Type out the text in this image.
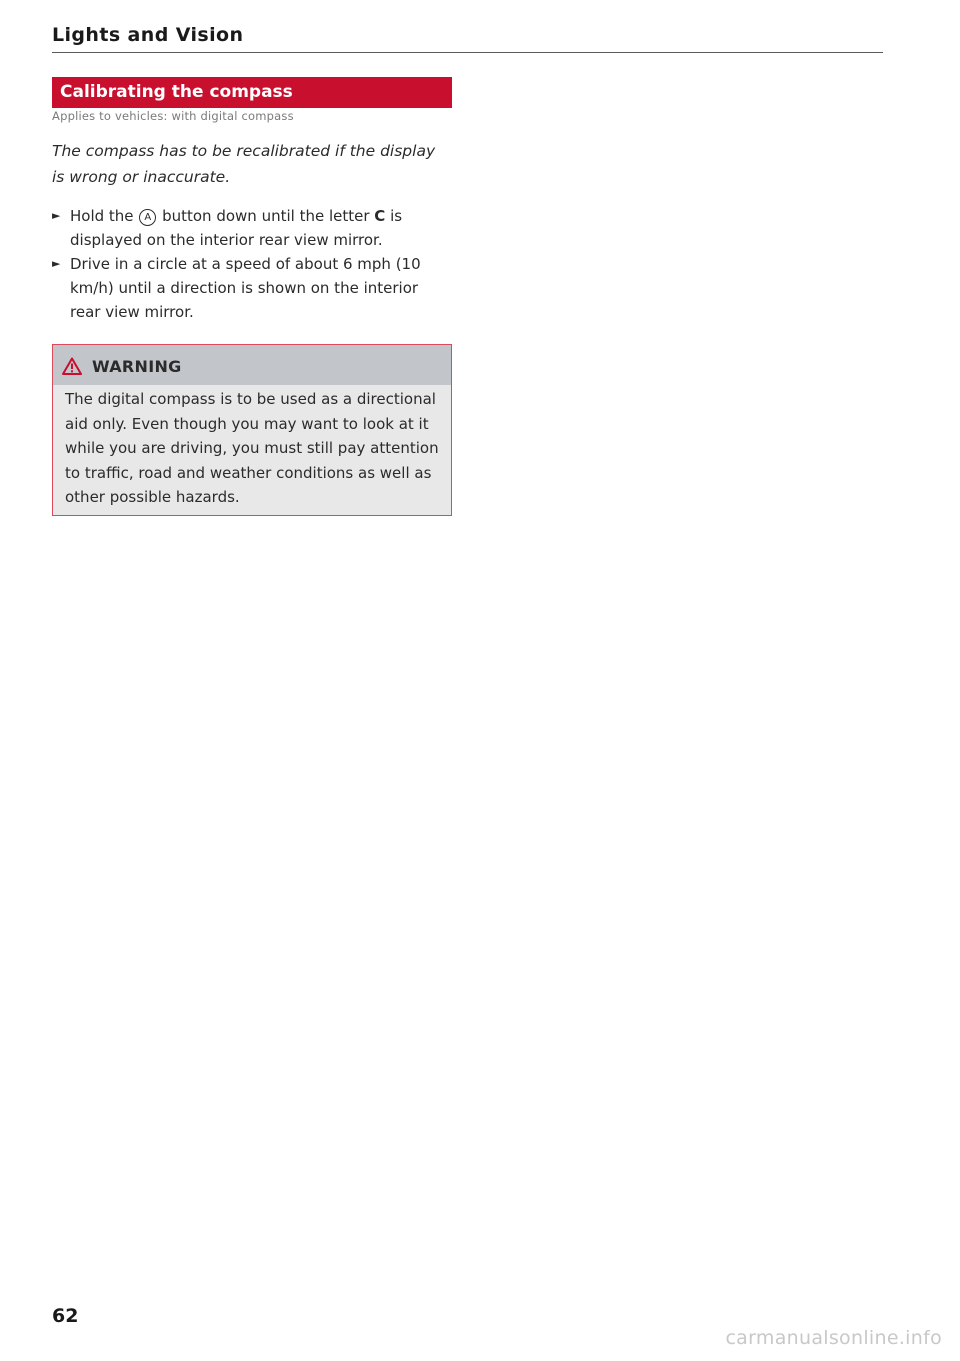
Lights and Vision
Calibrating the compass
Applies to vehicles: with digital compass

The compass has to be recalibrated if the display is wrong or inaccurate.

► Hold the A button down until the letter C is displayed on the interior rear view mirror.
► Drive in a circle at a speed of about 6 mph (10 km/h) until a direction is shown on the interior rear view mirror.
WARNING

The digital compass is to be used as a directional aid only. Even though you may want to look at it while you are driving, you must still pay attention to traffic, road and weather conditions as well as other possible hazards.

62
carmanualsonline.info
